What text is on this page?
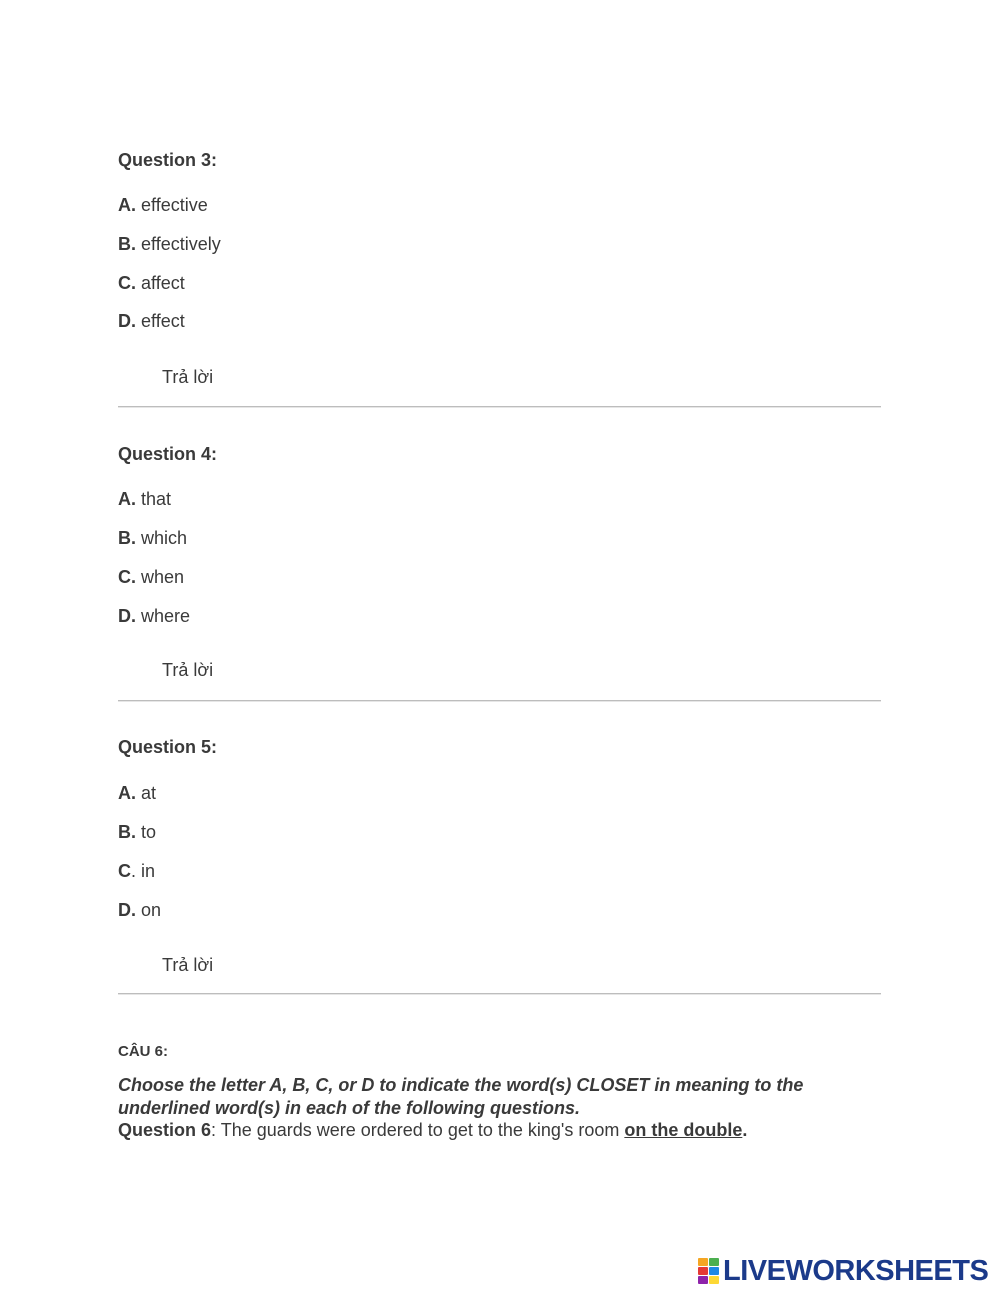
Question 3:
A. effective
B. effectively
C. affect
D. effect
Trả lời
Question 4:
A. that
B. which
C. when
D. where
Trả lời
Question 5:
A. at
B. to
C. in
D. on
Trả lời
CÂU 6:
Choose the letter A, B, C, or D to indicate the word(s) CLOSET in meaning to the underlined word(s) in each of the following questions.
Question 6: The guards were ordered to get to the king's room on the double.
LIVEWORKSHEETS
